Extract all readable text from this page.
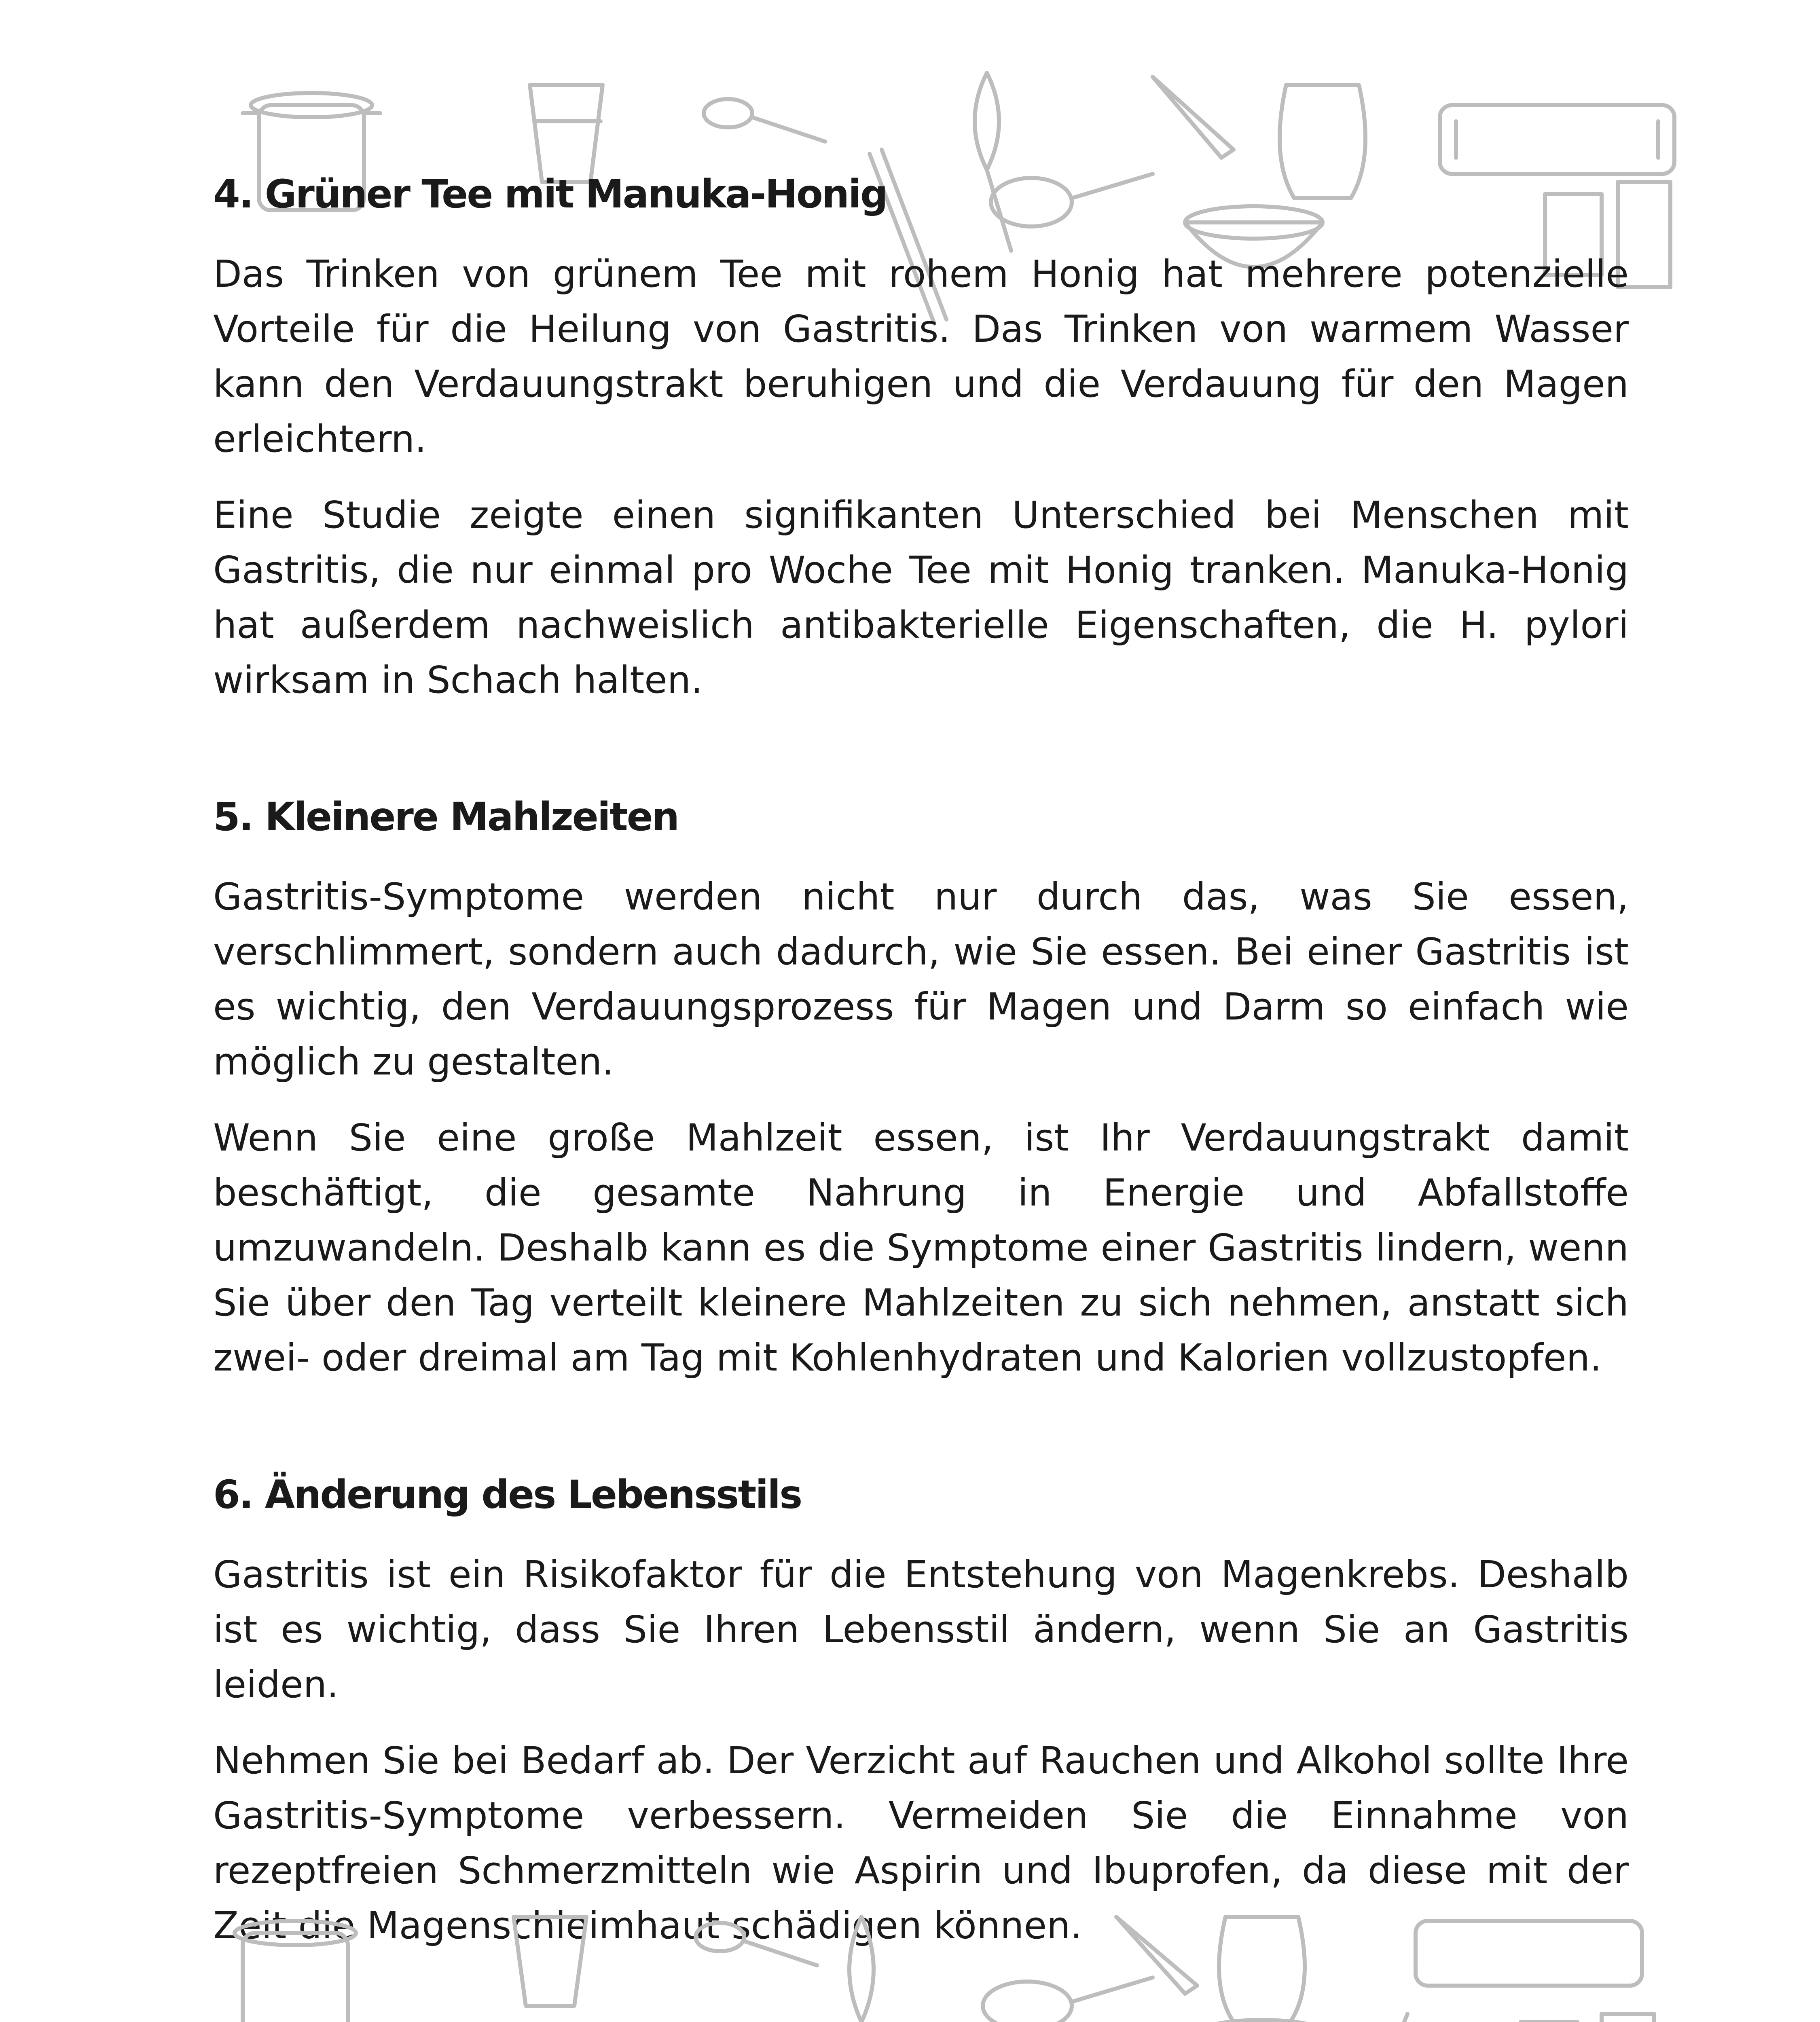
4. Grüner Tee mit Manuka-Honig

Das Trinken von grünem Tee mit rohem Honig hat mehrere potenzielle Vorteile für die Heilung von Gastritis. Das Trinken von warmem Wasser kann den Verdauungstrakt beruhigen und die Verdauung für den Magen erleichtern.

Eine Studie zeigte einen signifikanten Unterschied bei Menschen mit Gastritis, die nur einmal pro Woche Tee mit Honig tranken. Manuka-Honig hat außerdem nachweislich antibakterielle Eigenschaften, die H. pylori wirksam in Schach halten.

5. Kleinere Mahlzeiten

Gastritis-Symptome werden nicht nur durch das, was Sie essen, verschlimmert, sondern auch dadurch, wie Sie essen. Bei einer Gastritis ist es wichtig, den Verdauungsprozess für Magen und Darm so einfach wie möglich zu gestalten.

Wenn Sie eine große Mahlzeit essen, ist Ihr Verdauungstrakt damit beschäftigt, die gesamte Nahrung in Energie und Abfallstoffe umzuwandeln. Deshalb kann es die Symptome einer Gastritis lindern, wenn Sie über den Tag verteilt kleinere Mahlzeiten zu sich nehmen, anstatt sich zwei- oder dreimal am Tag mit Kohlenhydraten und Kalorien vollzustopfen.

6. Änderung des Lebensstils

Gastritis ist ein Risikofaktor für die Entstehung von Magenkrebs. Deshalb ist es wichtig, dass Sie Ihren Lebensstil ändern, wenn Sie an Gastritis leiden.

Nehmen Sie bei Bedarf ab. Der Verzicht auf Rauchen und Alkohol sollte Ihre Gastritis-Symptome verbessern. Vermeiden Sie die Einnahme von rezeptfreien Schmerzmitteln wie Aspirin und Ibuprofen, da diese mit der Zeit die Magenschleimhaut schädigen können.
